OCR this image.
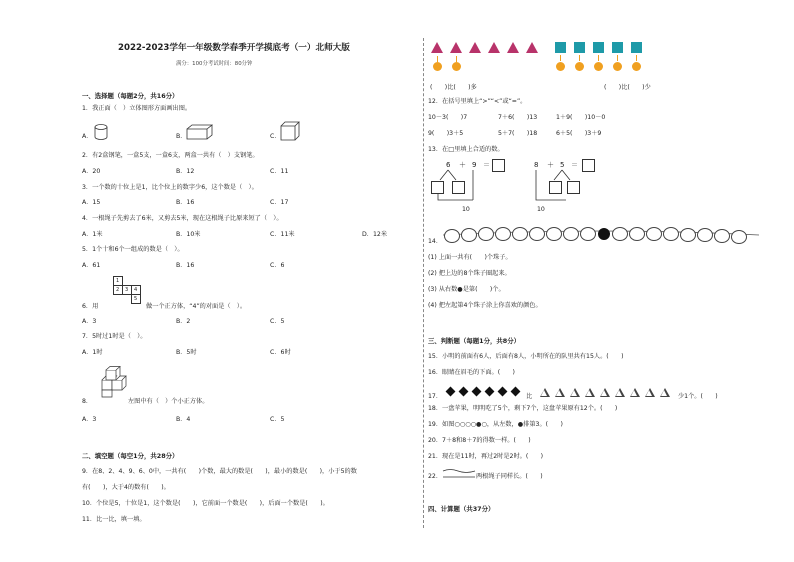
2022-2023学年一年级数学春季开学摸底考（一）北师大版
满分：100分考试时间：80分钟
一、选择题（每题2分，共16分）
1．我正面（　）立体图形方面画出图。
A．	B．	C．
2．有2盒钢笔，一盒5支，一盒6支，两盒一共有（　）支钢笔。
A．20	B．12	C．11
3．一个数的十位上是1，比个位上的数字少6，这个数是（　）。
A．15	B．16	C．17
4．一根绳子先剪去了6米，又剪去5米，现在这根绳子比原来短了（　）。
A．1米	B．10米	C．11米	D．12米
5．1个十和6个一组成的数是（　）。
A．61	B．16	C．6
1
2 3 4
5
6．用	做一个正方体，“4”的对面是（　）。
A．3	B．2	C．5
7．5时过1时是（　）。
A．1时	B．5时	C．6时
8．	左图中有（　）个小正方体。
A．3	B．4	C．5
二、填空题（每空1分，共28分）
9．在8、2、4、9、6、0中，一共有(　　)个数，最大的数是(　　)，最小的数是(　　)，小于5的数
有(　　)，大于4的数有(　　)。
10．个位是5，十位是1，这个数是(　　)，它前面一个数是(　　)，后面一个数是(　　)。
11．比一比，填一填。
(　　)比(　　)多	(　　)比(　　)少
12．在括号里填上“>”“<”或“=”。
10－3(　　)7	7＋6(　　)13	1＋9(　　)10－0
9(　　)3＋5	5＋7(　　)18	6＋5(　　)3＋9
13．在□里填上合适的数。
6 ＋ 9 ＝
10
8 ＋ 5 ＝
10
14．
(1) 上面一共有(　　)个珠子。
(2) 把上边的8个珠子圈起来。
(3) 从右数●是第(　　)个。
(4) 把左起第4个珠子涂上你喜欢的颜色。
三、判断题（每题1分，共8分）
15．小明的前面有6人，后面有8人，小明所在的队里共有15人。(　　)
16．眼睛在眉毛的下面。(　　)
17．	比	少1个。(　　)
18．一盘苹果，明明吃了5个，剩下7个，这盘苹果原有12个。(　　)
19．如图○○○○●○，从左数，●排第3。(　　)
20．7＋8和8＋7的得数一样。(　　)
21．现在是11时，再过2时是2时。(　　)
22．	两根绳子同样长。(　　)
四、计算题（共37分）
